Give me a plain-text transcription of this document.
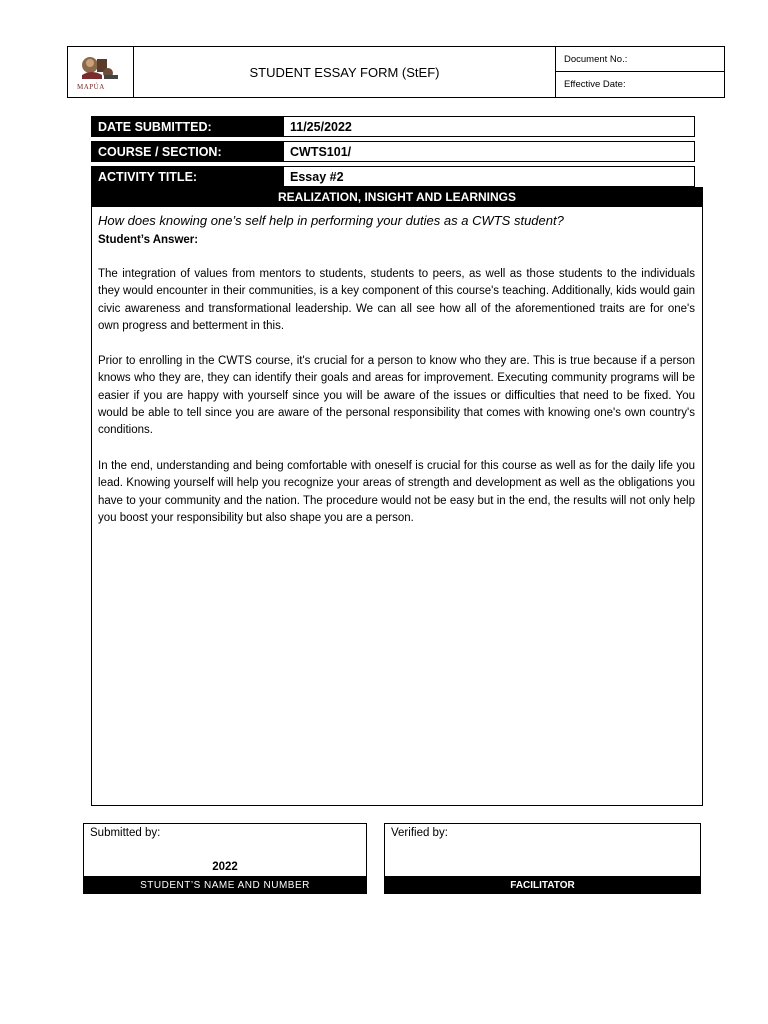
MAPÚA
STUDENT ESSAY FORM (StEF)
Document No.:
Effective Date:
DATE SUBMITTED:	11/25/2022
COURSE / SECTION:	CWTS101/
ACTIVITY TITLE:	Essay #2
REALIZATION, INSIGHT AND LEARNINGS
How does knowing one’s self help in performing your duties as a CWTS student?
Student’s Answer:
The integration of values from mentors to students, students to peers, as well as those students to the individuals they would encounter in their communities, is a key component of this course's teaching. Additionally, kids would gain civic awareness and transformational leadership. We can all see how all of the aforementioned traits are for one's own progress and betterment in this.
Prior to enrolling in the CWTS course, it's crucial for a person to know who they are. This is true because if a person knows who they are, they can identify their goals and areas for improvement. Executing community programs will be easier if you are happy with yourself since you will be aware of the issues or difficulties that need to be fixed. You would be able to tell since you are aware of the personal responsibility that comes with knowing one's own country's conditions.
In the end, understanding and being comfortable with oneself is crucial for this course as well as for the daily life you lead. Knowing yourself will help you recognize your areas of strength and development as well as the obligations you have to your community and the nation. The procedure would not be easy but in the end, the results will not only help you boost your responsibility but also shape you are a person.
Submitted by:
2022
STUDENT’S NAME AND NUMBER
Verified by:
FACILITATOR
